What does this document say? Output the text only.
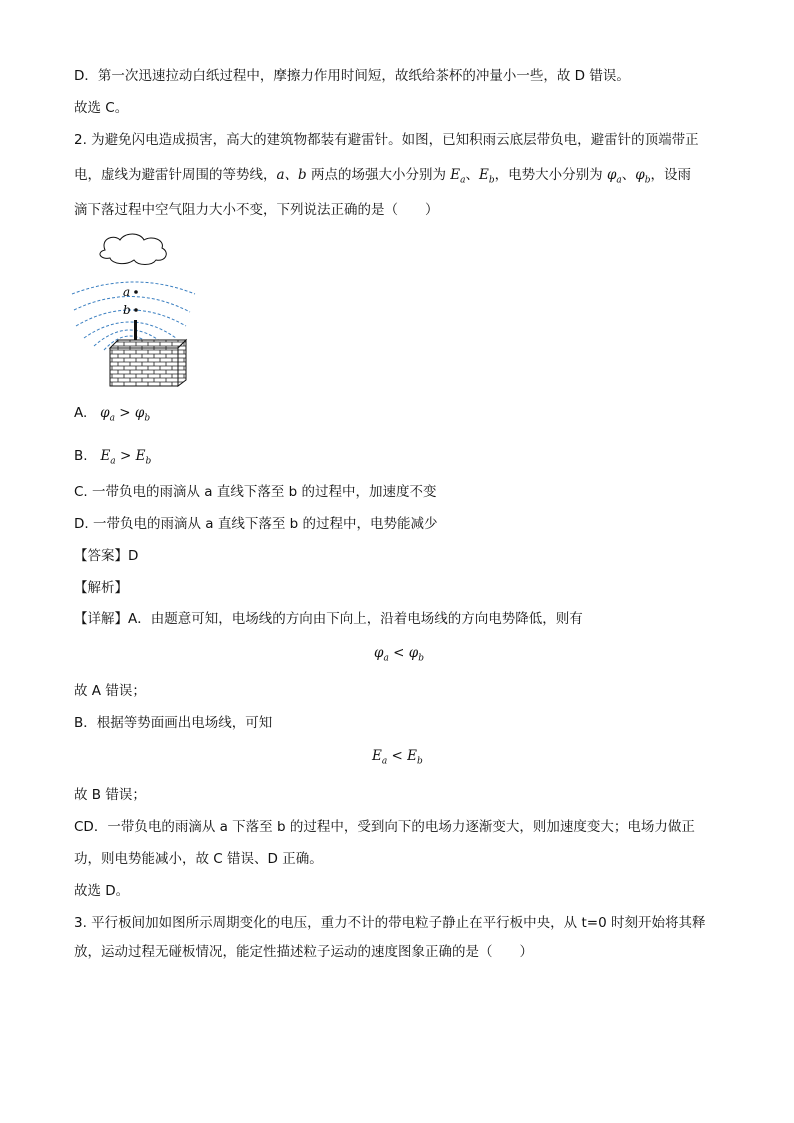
D．第一次迅速拉动白纸过程中，摩擦力作用时间短，故纸给茶杯的冲量小一些，故 D 错误。
故选 C。
2. 为避免闪电造成损害，高大的建筑物都装有避雷针。如图，已知积雨云底层带负电，避雷针的顶端带正
电，虚线为避雷针周围的等势线，a、b 两点的场强大小分别为 $E_a$、$E_b$，电势大小分别为 $\varphi_a$、$\varphi_b$，设雨
滴下落过程中空气阻力大小不变，下列说法正确的是（　　）
A. $\varphi_a > \varphi_b$
B. $E_a > E_b$
C. 一带负电的雨滴从 a 直线下落至 b 的过程中，加速度不变
D. 一带负电的雨滴从 a 直线下落至 b 的过程中，电势能减少
【答案】D
【解析】
【详解】A．由题意可知，电场线的方向由下向上，沿着电场线的方向电势降低，则有
$\varphi_a < \varphi_b$
故 A 错误；
B．根据等势面画出电场线，可知
$E_a < E_b$
故 B 错误；
CD．一带负电的雨滴从 a 下落至 b 的过程中，受到向下的电场力逐渐变大，则加速度变大；电场力做正
功，则电势能减小，故 C 错误、D 正确。
故选 D。
3. 平行板间加如图所示周期变化的电压，重力不计的带电粒子静止在平行板中央，从 t=0 时刻开始将其释
放，运动过程无碰板情况，能定性描述粒子运动的速度图象正确的是（　　）
a
b
